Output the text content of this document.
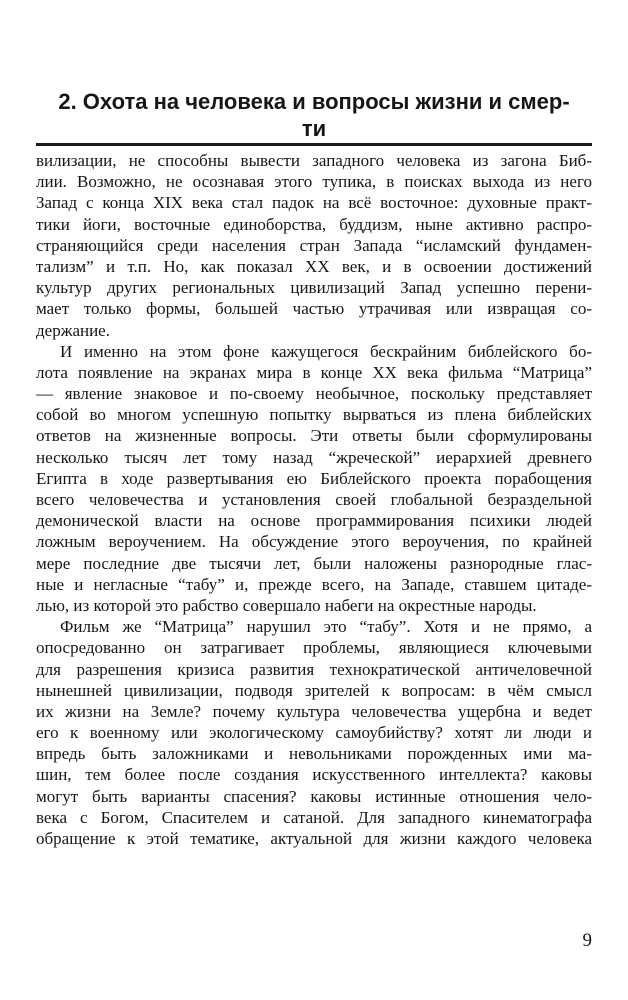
2. Охота на человека и вопросы жизни и смер-
ти
вилизации, не способны вывести западного человека из загона Биб-
лии. Возможно, не осознавая этого тупика, в поисках выхода из него
Запад с конца XIX века стал падок на всё восточное: духовные практ-
тики йоги, восточные единоборства, буддизм, ныне активно распро-
страняющийся среди населения стран Запада “исламский фундамен-
тализм” и т.п. Но, как показал XX век, и в освоении достижений
культур других региональных цивилизаций Запад успешно перени-
мает только формы, большей частью утрачивая или извращая со-
держание.
И именно на этом фоне кажущегося бескрайним библейского бо-
лота появление на экранах мира в конце XX века фильма “Матрица”
— явление знаковое и по-своему необычное, поскольку представляет
собой во многом успешную попытку вырваться из плена библейских
ответов на жизненные вопросы. Эти ответы были сформулированы
несколько тысяч лет тому назад “жреческой” иерархией древнего
Египта в ходе развертывания ею Библейского проекта порабощения
всего человечества и установления своей глобальной безраздельной
демонической власти на основе программирования психики людей
ложным вероучением. На обсуждение этого вероучения, по крайней
мере последние две тысячи лет, были наложены разнородные глас-
ные и негласные “табу” и, прежде всего, на Западе, ставшем цитаде-
лью, из которой это рабство совершало набеги на окрестные народы.
Фильм же “Матрица” нарушил это “табу”. Хотя и не прямо, а
опосредованно он затрагивает проблемы, являющиеся ключевыми
для разрешения кризиса развития технократической античеловечной
нынешней цивилизации, подводя зрителей к вопросам: в чём смысл
их жизни на Земле? почему культура человечества ущербна и ведет
его к военному или экологическому самоубийству? хотят ли люди и
впредь быть заложниками и невольниками порожденных ими ма-
шин, тем более после создания искусственного интеллекта? каковы
могут быть варианты спасения? каковы истинные отношения чело-
века с Богом, Спасителем и сатаной. Для западного кинематографа
обращение к этой тематике, актуальной для жизни каждого человека
9
